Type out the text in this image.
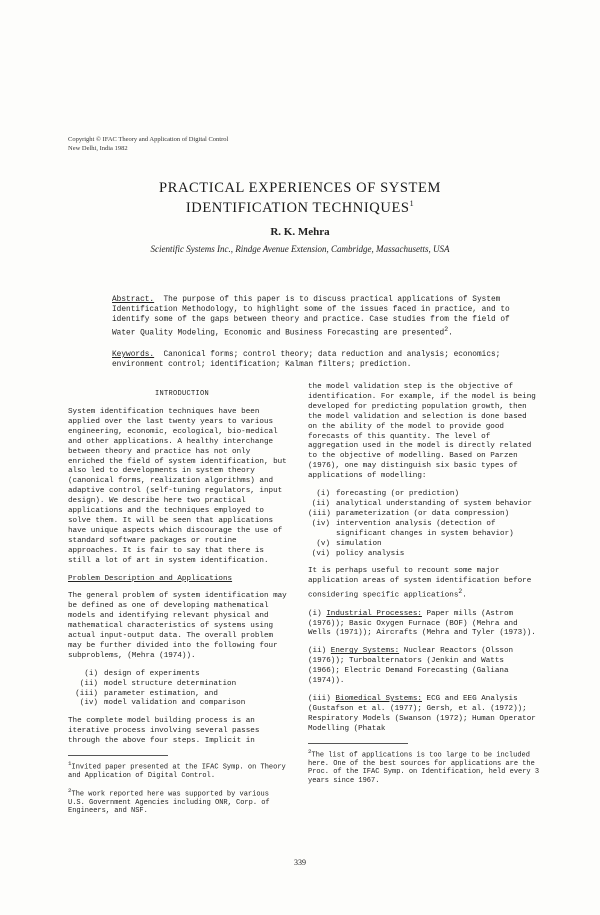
Copyright © IFAC Theory and Application of Digital Control
New Delhi, India 1982
PRACTICAL EXPERIENCES OF SYSTEM
IDENTIFICATION TECHNIQUES$^1$
R. K. Mehra
Scientific Systems Inc., Rindge Avenue Extension, Cambridge, Massachusetts, USA
Abstract. The purpose of this paper is to discuss practical applications of System Identification Methodology, to highlight some of the issues faced in practice, and to identify some of the gaps between theory and practice. Case studies from the field of Water Quality Modeling, Economic and Business Forecasting are presented$^2$.
Keywords. Canonical forms; control theory; data reduction and analysis; economics; environment control; identification; Kalman filters; prediction.
INTRODUCTION

System identification techniques have been applied over the last twenty years to various engineering, economic, ecological, bio-medical and other applications. A healthy interchange between theory and practice has not only enriched the field of system identification, but also led to developments in system theory (canonical forms, realization algorithms) and adaptive control (self-tuning regulators, input design). We describe here two practical applications and the techniques employed to solve them. It will be seen that applications have unique aspects which discourage the use of standard software packages or routine approaches. It is fair to say that there is still a lot of art in system identification.

Problem Description and Applications

The general problem of system identification may be defined as one of developing mathematical models and identifying relevant physical and mathematical characteristics of systems using actual input-output data. The overall problem may be further divided into the following four subproblems, (Mehra (1974)).

(i) design of experiments
(ii) model structure determination
(iii) parameter estimation, and
(iv) model validation and comparison

The complete model building process is an iterative process involving several passes through the above four steps. Implicit in

$^1$Invited paper presented at the IFAC Symp. on Theory and Application of Digital Control.
$^2$The work reported here was supported by various U.S. Government Agencies including ONR, Corp. of Engineers, and NSF.

the model validation step is the objective of identification. For example, if the model is being developed for predicting population growth, then the model validation and selection is done based on the ability of the model to provide good forecasts of this quantity. The level of aggregation used in the model is directly related to the objective of modelling. Based on Parzen (1976), one may distinguish six basic types of applications of modelling:

(i) forecasting (or prediction)
(ii) analytical understanding of system behavior
(iii) parameterization (or data compression)
(iv) intervention analysis (detection of significant changes in system behavior)
(v) simulation
(vi) policy analysis

It is perhaps useful to recount some major application areas of system identification before considering specific applications$^2$.

(i) Industrial Processes: Paper mills (Astrom (1976)); Basic Oxygen Furnace (BOF) (Mehra and Wells (1971)); Aircrafts (Mehra and Tyler (1973)).

(ii) Energy Systems: Nuclear Reactors (Olsson (1976)); Turboalternators (Jenkin and Watts (1966); Electric Demand Forecasting (Galiana (1974)).

(iii) Biomedical Systems: ECG and EEG Analysis (Gustafson et al. (1977); Gersh, et al. (1972)); Respiratory Models (Swanson (1972); Human Operator Modelling (Phatak

$^2$The list of applications is too large to be included here. One of the best sources for applications are the Proc. of the IFAC Symp. on Identification, held every 3 years since 1967.
339
